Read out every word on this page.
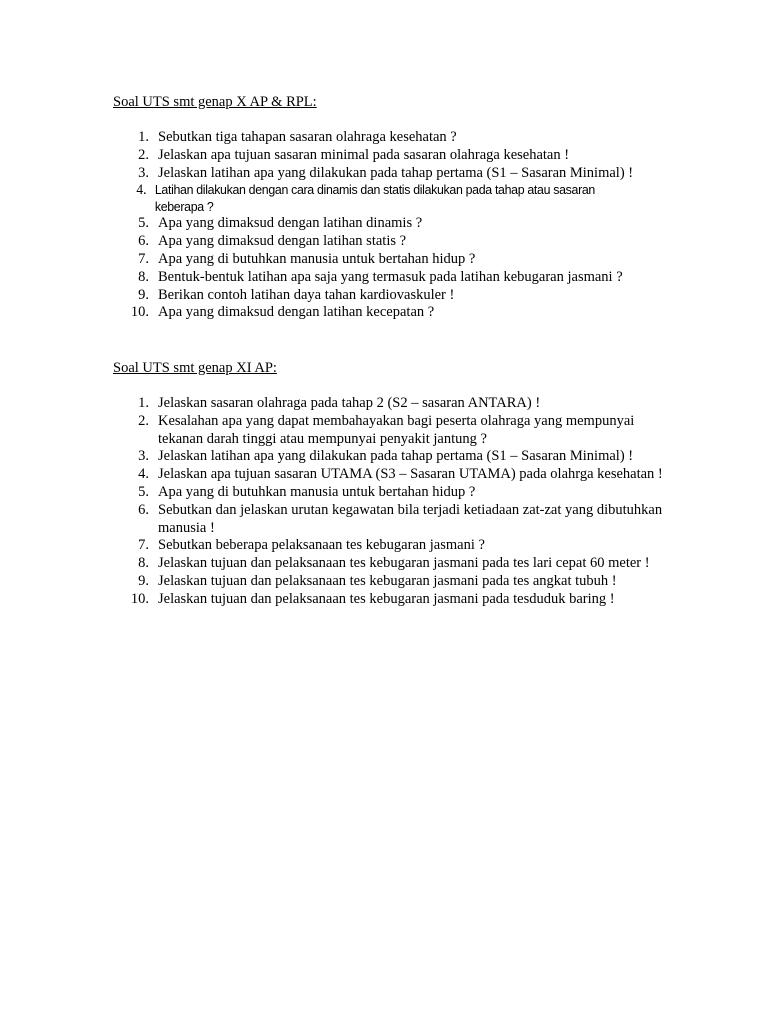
Soal UTS smt genap X AP & RPL:

1. Sebutkan tiga tahapan sasaran olahraga kesehatan ?
2. Jelaskan apa tujuan sasaran minimal pada sasaran olahraga kesehatan !
3. Jelaskan latihan apa yang dilakukan pada tahap pertama (S1 – Sasaran Minimal) !
4. Latihan dilakukan dengan cara dinamis dan statis dilakukan pada tahap atau sasaran keberapa ?
5. Apa yang dimaksud dengan latihan dinamis ?
6. Apa yang dimaksud dengan latihan statis ?
7. Apa yang di butuhkan manusia untuk bertahan hidup ?
8. Bentuk-bentuk latihan apa saja yang termasuk pada latihan kebugaran jasmani ?
9. Berikan contoh latihan daya tahan kardiovaskuler !
10. Apa yang dimaksud dengan latihan kecepatan ?

Soal UTS smt genap XI AP:

1. Jelaskan sasaran olahraga pada tahap 2 (S2 – sasaran ANTARA) !
2. Kesalahan apa yang dapat membahayakan bagi peserta olahraga yang mempunyai tekanan darah tinggi atau mempunyai penyakit jantung ?
3. Jelaskan latihan apa yang dilakukan pada tahap pertama (S1 – Sasaran Minimal) !
4. Jelaskan apa tujuan sasaran UTAMA (S3 – Sasaran UTAMA) pada olahrga kesehatan !
5. Apa yang di butuhkan manusia untuk bertahan hidup ?
6. Sebutkan dan jelaskan urutan kegawatan bila terjadi ketiadaan zat-zat yang dibutuhkan manusia !
7. Sebutkan beberapa pelaksanaan tes kebugaran jasmani ?
8. Jelaskan tujuan dan pelaksanaan tes kebugaran jasmani pada tes lari cepat 60 meter !
9. Jelaskan tujuan dan pelaksanaan tes kebugaran jasmani pada tes angkat tubuh !
10. Jelaskan tujuan dan pelaksanaan tes kebugaran jasmani pada tesduduk baring !
